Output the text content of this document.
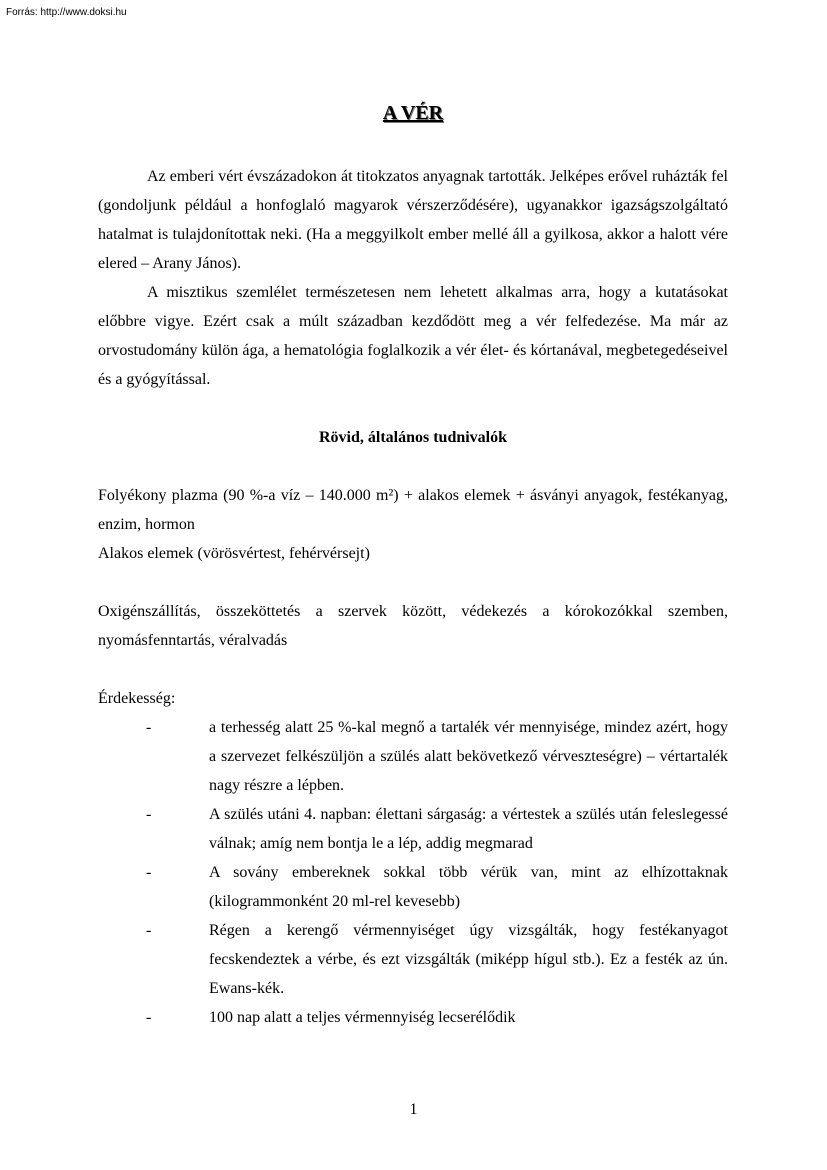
Forrás: http://www.doksi.hu
A VÉR

Az emberi vért évszázadokon át titokzatos anyagnak tartották. Jelképes erővel ruházták fel (gondoljunk például a honfoglaló magyarok vérszerződésére), ugyanakkor igazságszolgáltató hatalmat is tulajdonítottak neki. (Ha a meggyilkolt ember mellé áll a gyilkosa, akkor a halott vére elered – Arany János).

A misztikus szemlélet természetesen nem lehetett alkalmas arra, hogy a kutatásokat előbbre vigye. Ezért csak a múlt században kezdődött meg a vér felfedezése. Ma már az orvostudomány külön ága, a hematológia foglalkozik a vér élet- és kórtanával, megbetegedéseivel és a gyógyítással.

Rövid, általános tudnivalók

Folyékony plazma (90 %-a víz – 140.000 m²) + alakos elemek + ásványi anyagok, festékanyag, enzim, hormon

Alakos elemek (vörösvértest, fehérvérsejt)

Oxigénszállítás, összeköttetés a szervek között, védekezés a kórokozókkal szemben, nyomásfenntartás, véralvadás

Érdekesség:

-	a terhesség alatt 25 %-kal megnő a tartalék vér mennyisége, mindez azért, hogy a szervezet felkészüljön a szülés alatt bekövetkező vérveszteségre) – vértartalék nagy részre a lépben.
-	A szülés utáni 4. napban: élettani sárgaság: a vértestek a szülés után feleslegessé válnak; amíg nem bontja le a lép, addig megmarad
-	A sovány embereknek sokkal több vérük van, mint az elhízottaknak (kilogrammonként 20 ml-rel kevesebb)
-	Régen a kerengő vérmennyiséget úgy vizsgálták, hogy festékanyagot fecskendeztek a vérbe, és ezt vizsgálták (miképp hígul stb.). Ez a festék az ún. Ewans-kék.
-	100 nap alatt a teljes vérmennyiség lecserélődik
1
